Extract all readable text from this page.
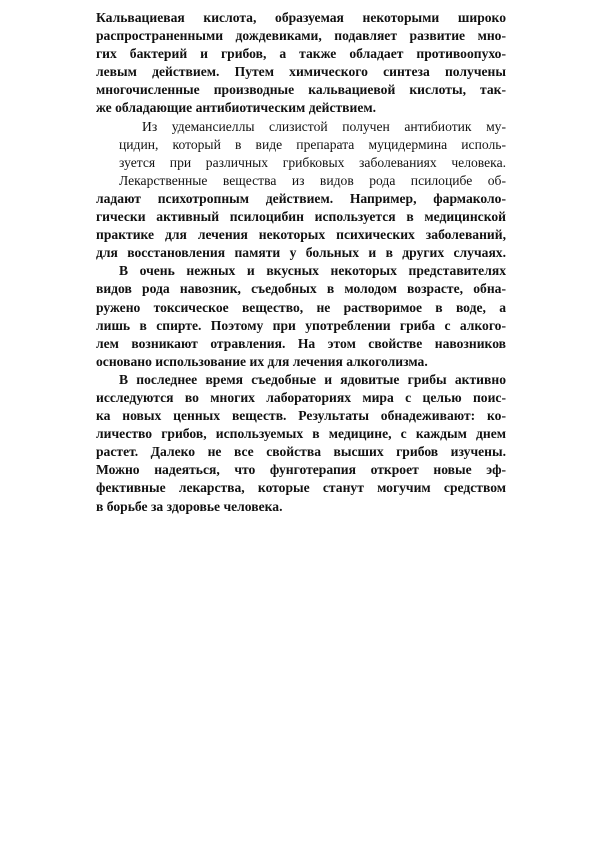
Кальвациевая кислота, образуемая некоторыми широко
распространенными дождевиками, подавляет развитие мно-
гих бактерий и грибов, а также обладает противоопухо-
левым действием. Путем химического синтеза получены
многочисленные производные кальвациевой кислоты, так-
же обладающие антибиотическим действием.

Из удемансиеллы слизистой получен антибиотик му-
цидин, который в виде препарата муцидермина исполь-
зуется при различных грибковых заболеваниях человека.

Лекарственные вещества из видов рода псилоцибе об-
ладают психотропным действием. Например, фармаколо-
гически активный псилоцибин используется в медицинской
практике для лечения некоторых психических заболеваний,
для восстановления памяти у больных и в других случаях.

В очень нежных и вкусных некоторых представителях
видов рода навозник, съедобных в молодом возрасте, обна-
ружено токсическое вещество, не растворимое в воде, а
лишь в спирте. Поэтому при употреблении гриба с алкого-
лем возникают отравления. На этом свойстве навозников
основано использование их для лечения алкоголизма.

В последнее время съедобные и ядовитые грибы активно
исследуются во многих лабораториях мира с целью поис-
ка новых ценных веществ. Результаты обнадеживают: ко-
личество грибов, используемых в медицине, с каждым днем
растет. Далеко не все свойства высших грибов изучены.
Можно надеяться, что фунготерапия откроет новые эф-
фективные лекарства, которые станут могучим средством
в борьбе за здоровье человека.
